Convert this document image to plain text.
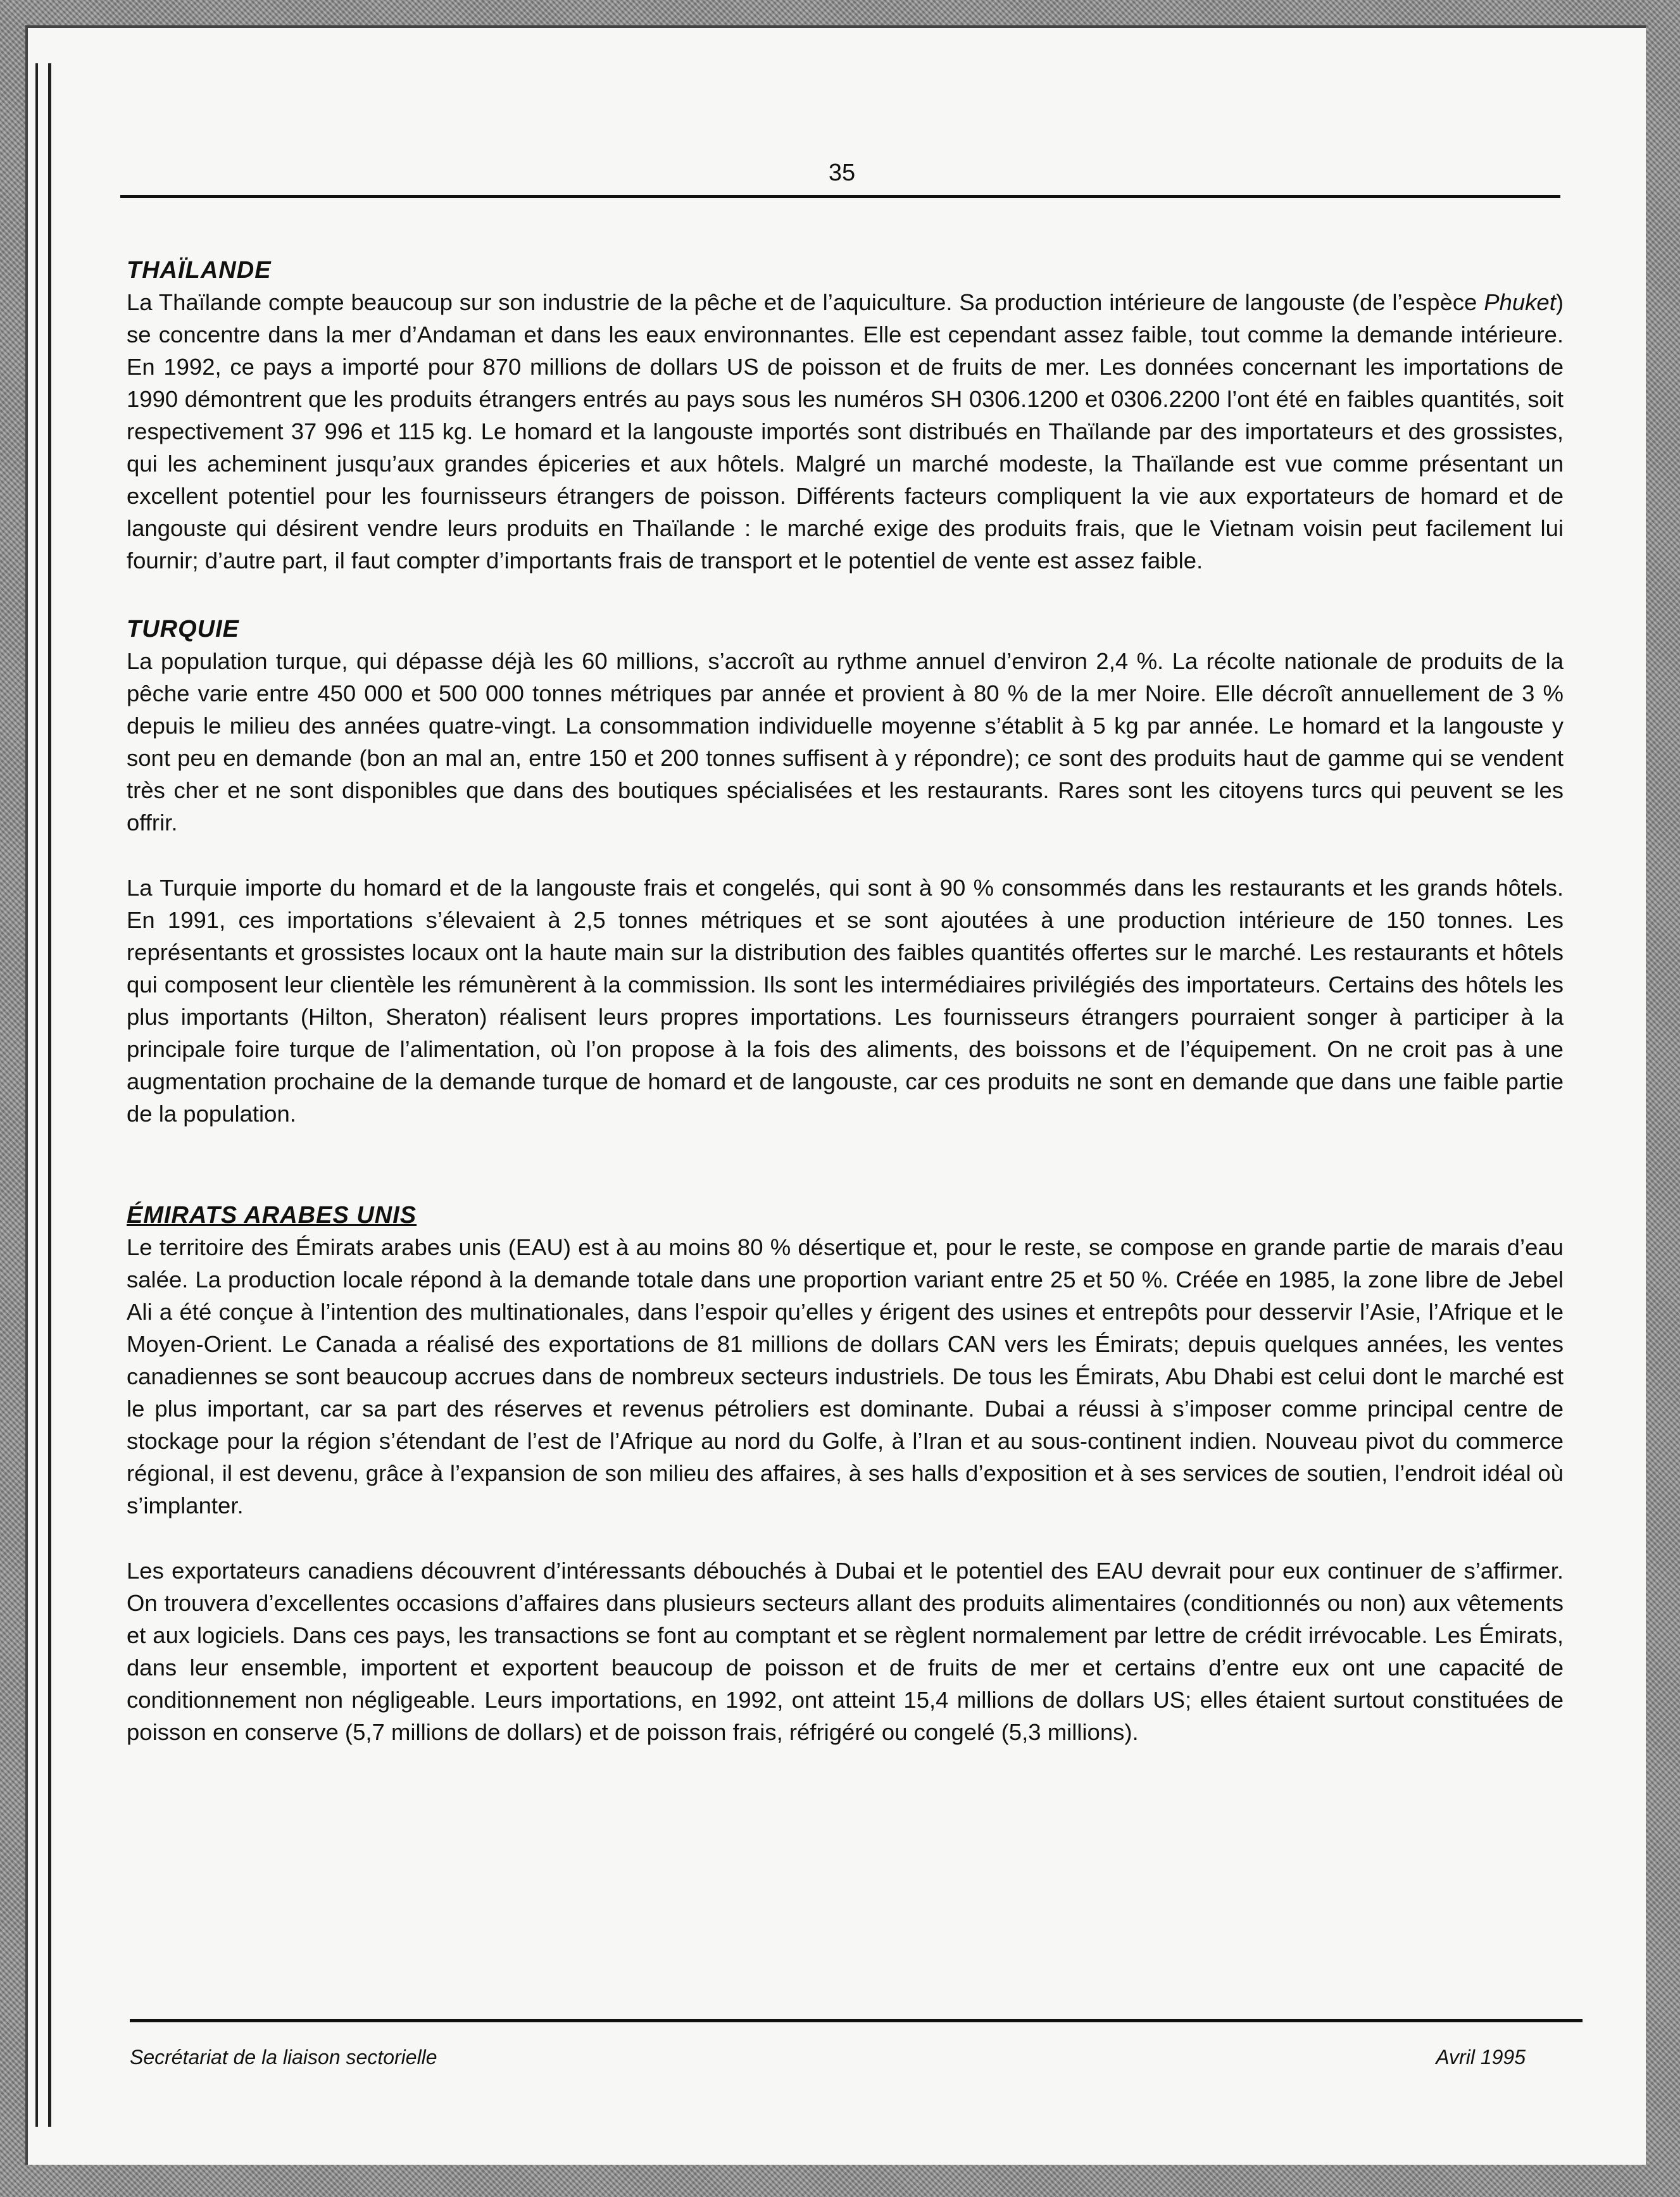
35
THAÏLANDE

La Thaïlande compte beaucoup sur son industrie de la pêche et de l’aquiculture. Sa production intérieure de langouste (de l’espèce Phuket) se concentre dans la mer d’Andaman et dans les eaux environnantes. Elle est cependant assez faible, tout comme la demande intérieure. En 1992, ce pays a importé pour 870 millions de dollars US de poisson et de fruits de mer. Les données concernant les importations de 1990 démontrent que les produits étrangers entrés au pays sous les numéros SH 0306.1200 et 0306.2200 l’ont été en faibles quantités, soit respectivement 37 996 et 115 kg. Le homard et la langouste importés sont distribués en Thaïlande par des importateurs et des grossistes, qui les acheminent jusqu’aux grandes épiceries et aux hôtels. Malgré un marché modeste, la Thaïlande est vue comme présentant un excellent potentiel pour les fournisseurs étrangers de poisson. Différents facteurs compliquent la vie aux exportateurs de homard et de langouste qui désirent vendre leurs produits en Thaïlande : le marché exige des produits frais, que le Vietnam voisin peut facilement lui fournir; d’autre part, il faut compter d’importants frais de transport et le potentiel de vente est assez faible.

TURQUIE

La population turque, qui dépasse déjà les 60 millions, s’accroît au rythme annuel d’environ 2,4 %. La récolte nationale de produits de la pêche varie entre 450 000 et 500 000 tonnes métriques par année et provient à 80 % de la mer Noire. Elle décroît annuellement de 3 % depuis le milieu des années quatre-vingt. La consommation individuelle moyenne s’établit à 5 kg par année. Le homard et la langouste y sont peu en demande (bon an mal an, entre 150 et 200 tonnes suffisent à y répondre); ce sont des produits haut de gamme qui se vendent très cher et ne sont disponibles que dans des boutiques spécialisées et les restaurants. Rares sont les citoyens turcs qui peuvent se les offrir.

La Turquie importe du homard et de la langouste frais et congelés, qui sont à 90 % consommés dans les restaurants et les grands hôtels. En 1991, ces importations s’élevaient à 2,5 tonnes métriques et se sont ajoutées à une production intérieure de 150 tonnes. Les représentants et grossistes locaux ont la haute main sur la distribution des faibles quantités offertes sur le marché. Les restaurants et hôtels qui composent leur clientèle les rémunèrent à la commission. Ils sont les intermédiaires privilégiés des importateurs. Certains des hôtels les plus importants (Hilton, Sheraton) réalisent leurs propres importations. Les fournisseurs étrangers pourraient songer à participer à la principale foire turque de l’alimentation, où l’on propose à la fois des aliments, des boissons et de l’équipement. On ne croit pas à une augmentation prochaine de la demande turque de homard et de langouste, car ces produits ne sont en demande que dans une faible partie de la population.

ÉMIRATS ARABES UNIS

Le territoire des Émirats arabes unis (EAU) est à au moins 80 % désertique et, pour le reste, se compose en grande partie de marais d’eau salée. La production locale répond à la demande totale dans une proportion variant entre 25 et 50 %. Créée en 1985, la zone libre de Jebel Ali a été conçue à l’intention des multinationales, dans l’espoir qu’elles y érigent des usines et entrepôts pour desservir l’Asie, l’Afrique et le Moyen-Orient. Le Canada a réalisé des exportations de 81 millions de dollars CAN vers les Émirats; depuis quelques années, les ventes canadiennes se sont beaucoup accrues dans de nombreux secteurs industriels. De tous les Émirats, Abu Dhabi est celui dont le marché est le plus important, car sa part des réserves et revenus pétroliers est dominante. Dubai a réussi à s’imposer comme principal centre de stockage pour la région s’étendant de l’est de l’Afrique au nord du Golfe, à l’Iran et au sous-continent indien. Nouveau pivot du commerce régional, il est devenu, grâce à l’expansion de son milieu des affaires, à ses halls d’exposition et à ses services de soutien, l’endroit idéal où s’implanter.

Les exportateurs canadiens découvrent d’intéressants débouchés à Dubai et le potentiel des EAU devrait pour eux continuer de s’affirmer. On trouvera d’excellentes occasions d’affaires dans plusieurs secteurs allant des produits alimentaires (conditionnés ou non) aux vêtements et aux logiciels. Dans ces pays, les transactions se font au comptant et se règlent normalement par lettre de crédit irrévocable. Les Émirats, dans leur ensemble, importent et exportent beaucoup de poisson et de fruits de mer et certains d’entre eux ont une capacité de conditionnement non négligeable. Leurs importations, en 1992, ont atteint 15,4 millions de dollars US; elles étaient surtout constituées de poisson en conserve (5,7 millions de dollars) et de poisson frais, réfrigéré ou congelé (5,3 millions).

Secrétariat de la liaison sectorielle	Avril 1995
